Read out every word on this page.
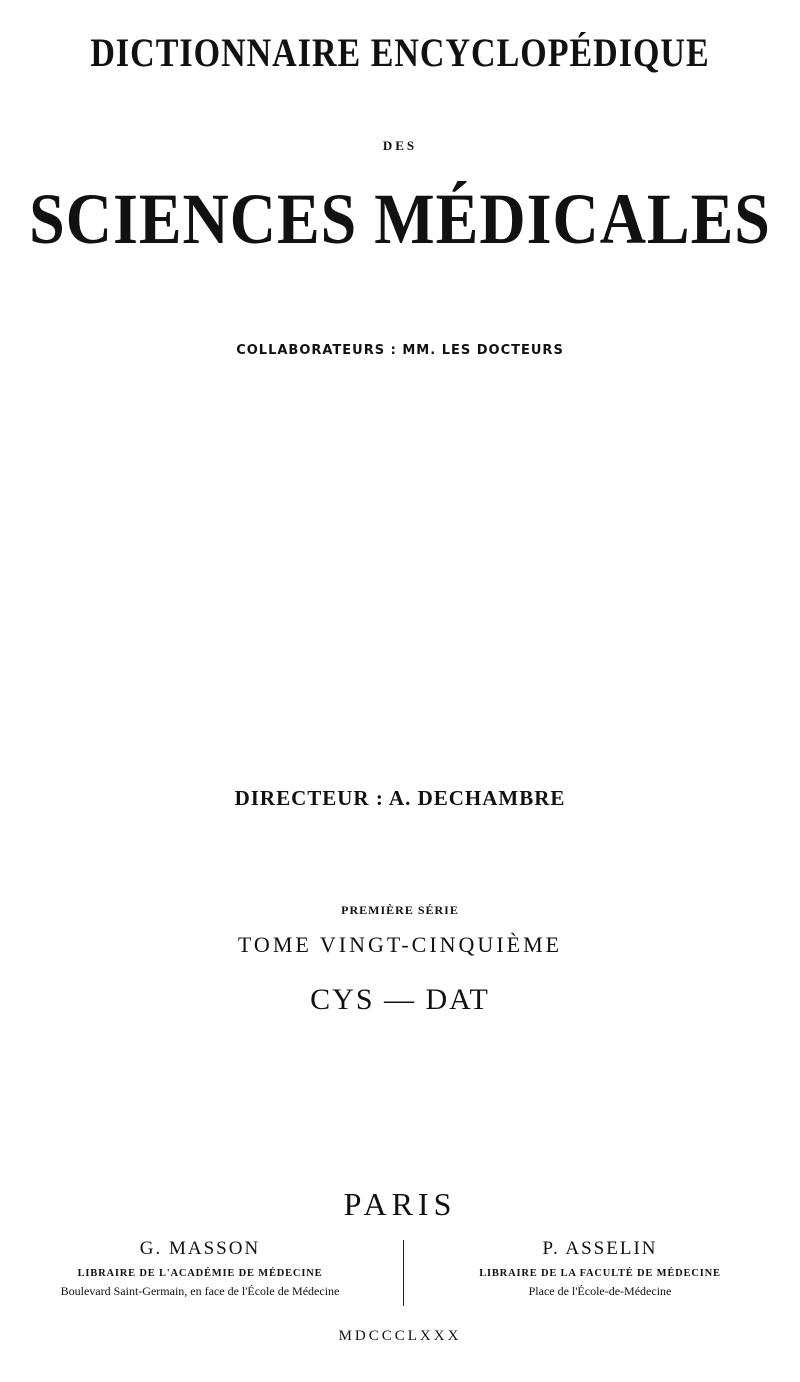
DICTIONNAIRE ENCYCLOPÉDIQUE
DES
SCIENCES MÉDICALES
COLLABORATEURS : MM. LES DOCTEURS
DIRECTEUR : A. DECHAMBRE
PREMIÈRE SÉRIE
TOME VINGT-CINQUIÈME
CYS — DAT
PARIS
G. MASSON
LIBRAIRE DE L'ACADÉMIE DE MÉDECINE
Boulevard Saint-Germain, en face de l'École de Médecine
P. ASSELIN
LIBRAIRE DE LA FACULTÉ DE MÉDECINE
Place de l'École-de-Médecine
MDCCCLXXX
